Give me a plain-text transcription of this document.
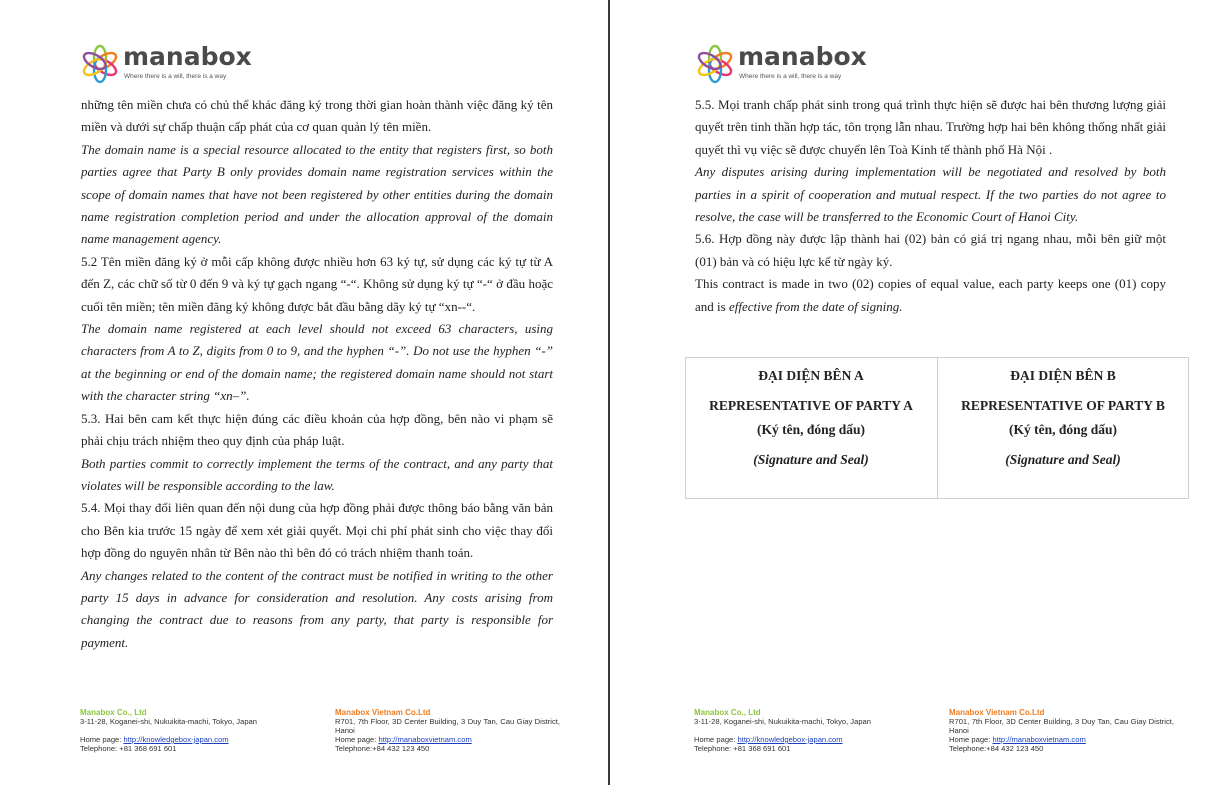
manabox
Where there is a will, there is a way

những tên miền chưa có chủ thể khác đăng ký trong thời gian hoàn thành việc đăng ký tên miền và dưới sự chấp thuận cấp phát của cơ quan quản lý tên miền.

The domain name is a special resource allocated to the entity that registers first, so both parties agree that Party B only provides domain name registration services within the scope of domain names that have not been registered by other entities during the domain name registration completion period and under the allocation approval of the domain name management agency.

5.2 Tên miền đăng ký ở mỗi cấp không được nhiều hơn 63 ký tự, sử dụng các ký tự từ A đến Z, các chữ số từ 0 đến 9 và ký tự gạch ngang “-“. Không sử dụng ký tự “-“ ở đầu hoặc cuối tên miền; tên miền đăng ký không được bắt đầu bằng dãy ký tự “xn--“.

The domain name registered at each level should not exceed 63 characters, using characters from A to Z, digits from 0 to 9, and the hyphen “-”. Do not use the hyphen “-” at the beginning or end of the domain name; the registered domain name should not start with the character string “xn–”.

5.3. Hai bên cam kết thực hiện đúng các điều khoản của hợp đồng, bên nào vi phạm sẽ phải chịu trách nhiệm theo quy định của pháp luật.

Both parties commit to correctly implement the terms of the contract, and any party that violates will be responsible according to the law.

5.4. Mọi thay đổi liên quan đến nội dung của hợp đồng phải được thông báo bằng văn bản cho Bên kia trước 15 ngày để xem xét giải quyết. Mọi chi phí phát sinh cho việc thay đổi hợp đồng do nguyên nhân từ Bên nào thì bên đó có trách nhiệm thanh toán.

Any changes related to the content of the contract must be notified in writing to the other party 15 days in advance for consideration and resolution. Any costs arising from changing the contract due to reasons from any party, that party is responsible for payment.

Manabox Co., Ltd
3-11-28, Koganei-shi, Nukuikita-machi, Tokyo, Japan
Home page: http://knowledgebox-japan.com
Telephone: +81 368 691 601
Manabox Vietnam Co.Ltd
R701, 7th Floor, 3D Center Building, 3 Duy Tan, Cau Giay District, Hanoi
Home page: http://manaboxvietnam.com
Telephone:+84 432 123 450
manabox
Where there is a will, there is a way

5.5. Mọi tranh chấp phát sinh trong quá trình thực hiện sẽ được hai bên thương lượng giải quyết trên tinh thần hợp tác, tôn trọng lẫn nhau. Trường hợp hai bên không thống nhất giải quyết thì vụ việc sẽ được chuyển lên Toà Kinh tế thành phố Hà Nội .

Any disputes arising during implementation will be negotiated and resolved by both parties in a spirit of cooperation and mutual respect. If the two parties do not agree to resolve, the case will be transferred to the Economic Court of Hanoi City.

5.6. Hợp đồng này được lập thành hai (02) bản có giá trị ngang nhau, mỗi bên giữ một (01) bản và có hiệu lực kể từ ngày ký.

This contract is made in two (02) copies of equal value, each party keeps one (01) copy and is effective from the date of signing.

ĐẠI DIỆN BÊN A
REPRESENTATIVE OF PARTY A
(Ký tên, đóng dấu)
(Signature and Seal)
ĐẠI DIỆN BÊN B
REPRESENTATIVE OF PARTY B
(Ký tên, đóng dấu)
(Signature and Seal)
Manabox Co., Ltd
3-11-28, Koganei-shi, Nukuikita-machi, Tokyo, Japan
Home page: http://knowledgebox-japan.com
Telephone: +81 368 691 601
Manabox Vietnam Co.Ltd
R701, 7th Floor, 3D Center Building, 3 Duy Tan, Cau Giay District, Hanoi
Home page: http://manaboxvietnam.com
Telephone:+84 432 123 450
